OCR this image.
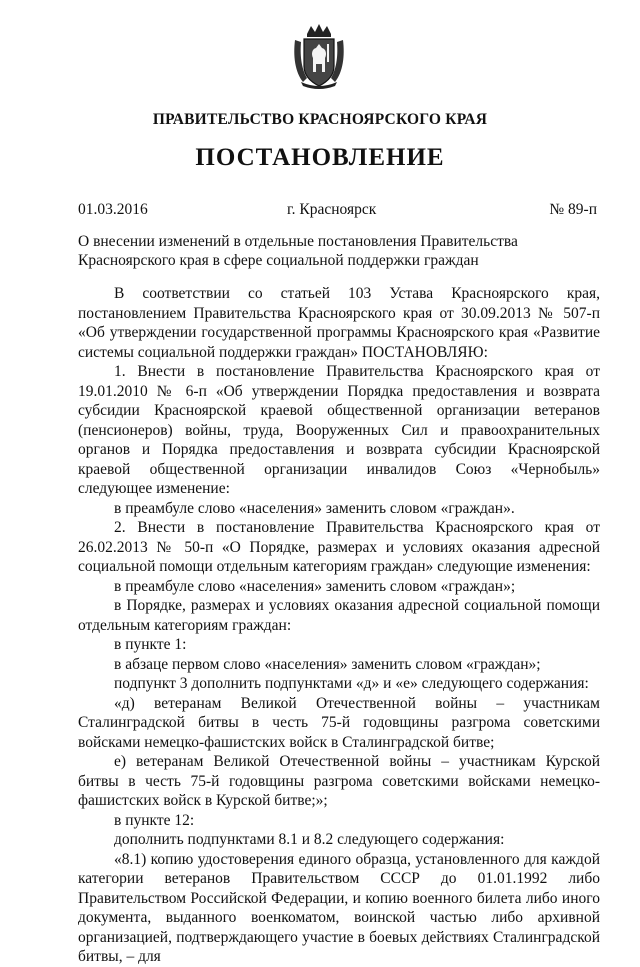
ПРАВИТЕЛЬСТВО КРАСНОЯРСКОГО КРАЯ
ПОСТАНОВЛЕНИЕ
01.03.2016	г. Красноярск	№ 89-п

О внесении изменений в отдельные постановления Правительства Красноярского края в сфере социальной поддержки граждан

В соответствии со статьей 103 Устава Красноярского края, постановлением Правительства Красноярского края от 30.09.2013 № 507-п «Об утверждении государственной программы Красноярского края «Развитие системы социальной поддержки граждан» ПОСТАНОВЛЯЮ:

1. Внести в постановление Правительства Красноярского края от 19.01.2010 № 6-п «Об утверждении Порядка предоставления и возврата субсидии Красноярской краевой общественной организации ветеранов (пенсионеров) войны, труда, Вооруженных Сил и правоохранительных органов и Порядка предоставления и возврата субсидии Красноярской краевой общественной организации инвалидов Союз «Чернобыль» следующее изменение:

в преамбуле слово «населения» заменить словом «граждан».

2. Внести в постановление Правительства Красноярского края от 26.02.2013 № 50-п «О Порядке, размерах и условиях оказания адресной социальной помощи отдельным категориям граждан» следующие изменения:

в преамбуле слово «населения» заменить словом «граждан»;

в Порядке, размерах и условиях оказания адресной социальной помощи отдельным категориям граждан:

в пункте 1:

в абзаце первом слово «населения» заменить словом «граждан»;

подпункт 3 дополнить подпунктами «д» и «е» следующего содержания:

«д) ветеранам Великой Отечественной войны – участникам Сталинградской битвы в честь 75-й годовщины разгрома советскими войсками немецко-фашистских войск в Сталинградской битве;

е) ветеранам Великой Отечественной войны – участникам Курской битвы в честь 75-й годовщины разгрома советскими войсками немецко-фашистских войск в Курской битве;»;

в пункте 12:

дополнить подпунктами 8.1 и 8.2 следующего содержания:

«8.1) копию удостоверения единого образца, установленного для каждой категории ветеранов Правительством СССР до 01.01.1992 либо Правительством Российской Федерации, и копию военного билета либо иного документа, выданного военкоматом, воинской частью либо архивной организацией, подтверждающего участие в боевых действиях Сталинградской битвы, – для
